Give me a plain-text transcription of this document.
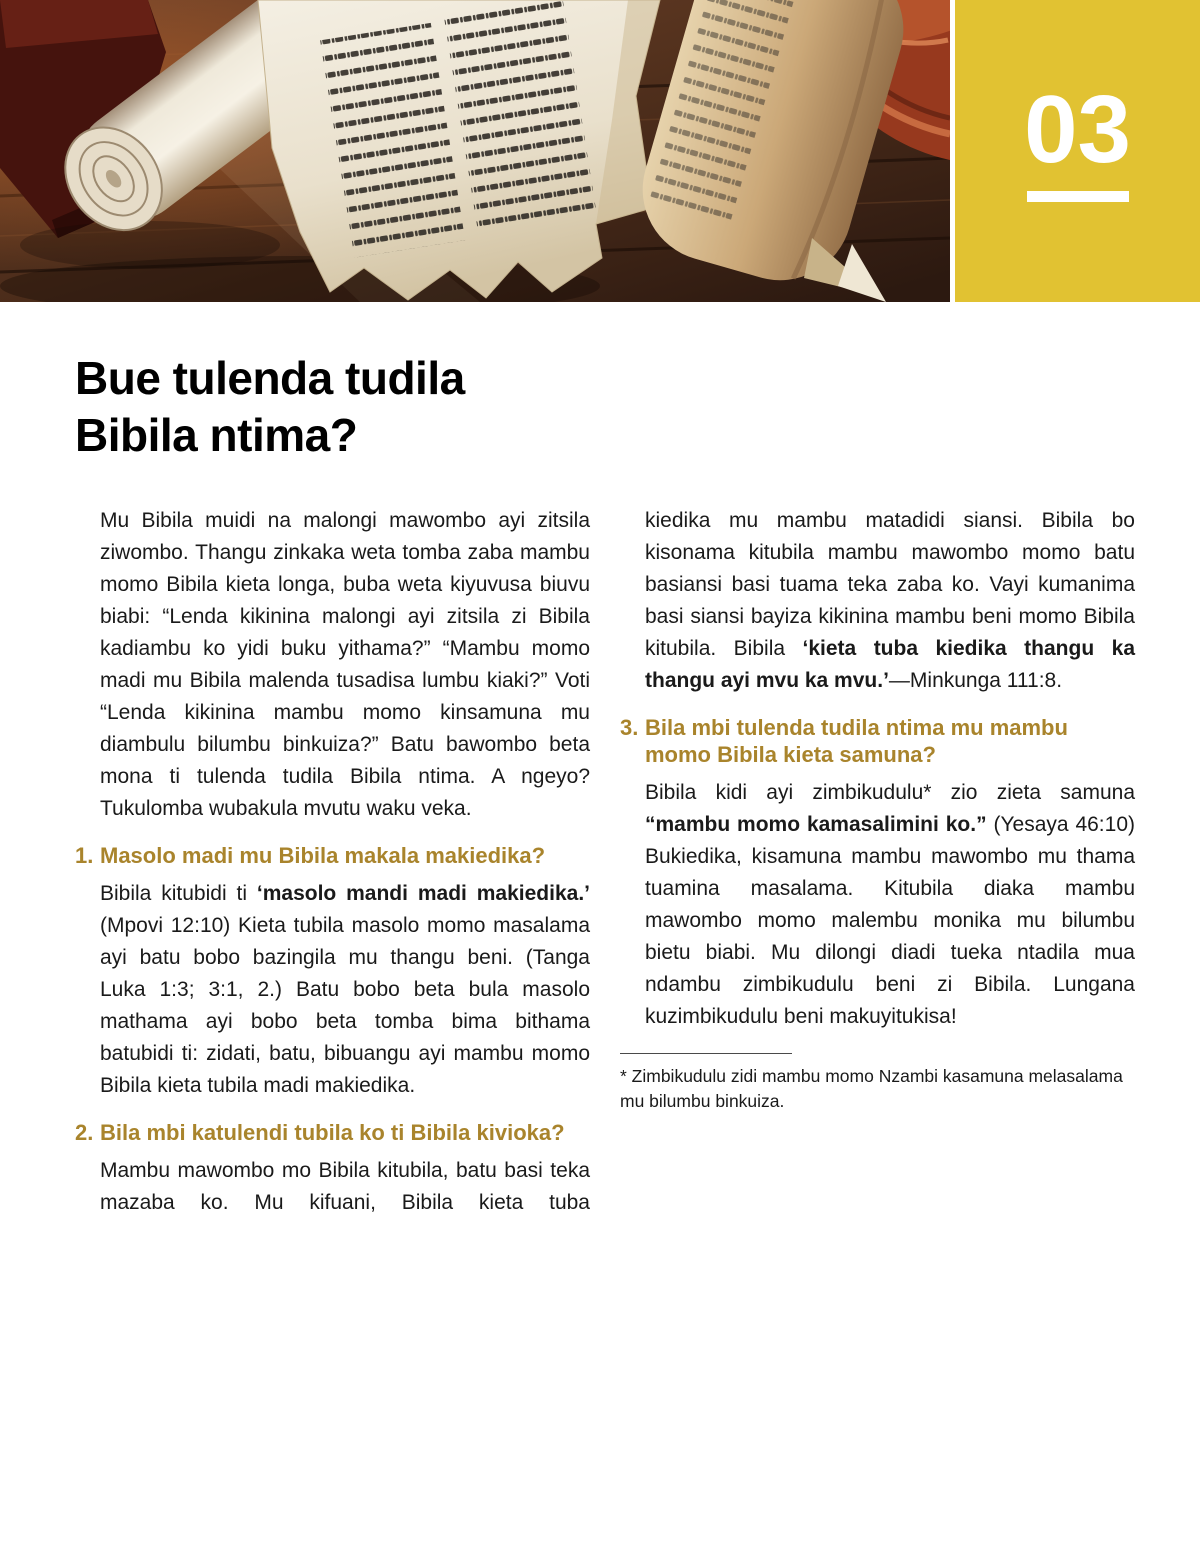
03
Bue tulenda tudila
Bibila ntima?

Mu Bibila muidi na malongi mawombo ayi zitsila ziwombo. Thangu zinkaka weta tomba zaba mambu momo Bibila kieta longa, buba weta kiyuvusa biuvu biabi: “Lenda kikinina malongi ayi zitsila zi Bibila kadiambu ko yidi buku yithama?” “Mambu momo madi mu Bibila malenda tusadisa lumbu kiaki?” Voti “Lenda kikinina mambu momo kinsamuna mu diambulu bilumbu binkuiza?” Batu bawombo beta mona ti tulenda tudila Bibila ntima. A ngeyo? Tukulomba wubakula mvutu waku veka.

1. Masolo madi mu Bibila makala makiedika?

Bibila kitubidi ti ‘masolo mandi madi makiedika.’ (Mpovi 12:10) Kieta tubila masolo momo masalama ayi batu bobo bazingila mu thangu beni. (Tanga Luka 1:3; 3:1, 2.) Batu bobo beta bula masolo mathama ayi bobo beta tomba bima bithama batubidi ti: zidati, batu, bibuangu ayi mambu momo Bibila kieta tubila madi makiedika.

2. Bila mbi katulendi tubila ko ti Bibila kivioka?

Mambu mawombo mo Bibila kitubila, batu basi teka mazaba ko. Mu kifuani, Bibila kieta tuba

kiedika mu mambu matadidi siansi. Bibila bo kisonama kitubila mambu mawombo momo batu basiansi basi tuama teka zaba ko. Vayi kumanima basi siansi bayiza kikinina mambu beni momo Bibila kitubila. Bibila ‘kieta tuba kiedika thangu ka thangu ayi mvu ka mvu.’—Minkunga 111:8.

3. Bila mbi tulenda tudila ntima mu mambu momo Bibila kieta samuna?

Bibila kidi ayi zimbikudulu* zio zieta samuna “mambu momo kamasalimini ko.” (Yesaya 46:10) Bukiedika, kisamuna mambu mawombo mu thama tuamina masalama. Kitubila diaka mambu mawombo momo malembu monika mu bilumbu bietu biabi. Mu dilongi diadi tueka ntadila mua ndambu zimbikudulu beni zi Bibila. Lungana kuzimbikudulu beni makuyitukisa!

* Zimbikudulu zidi mambu momo Nzambi kasamuna melasalama mu bilumbu binkuiza.
